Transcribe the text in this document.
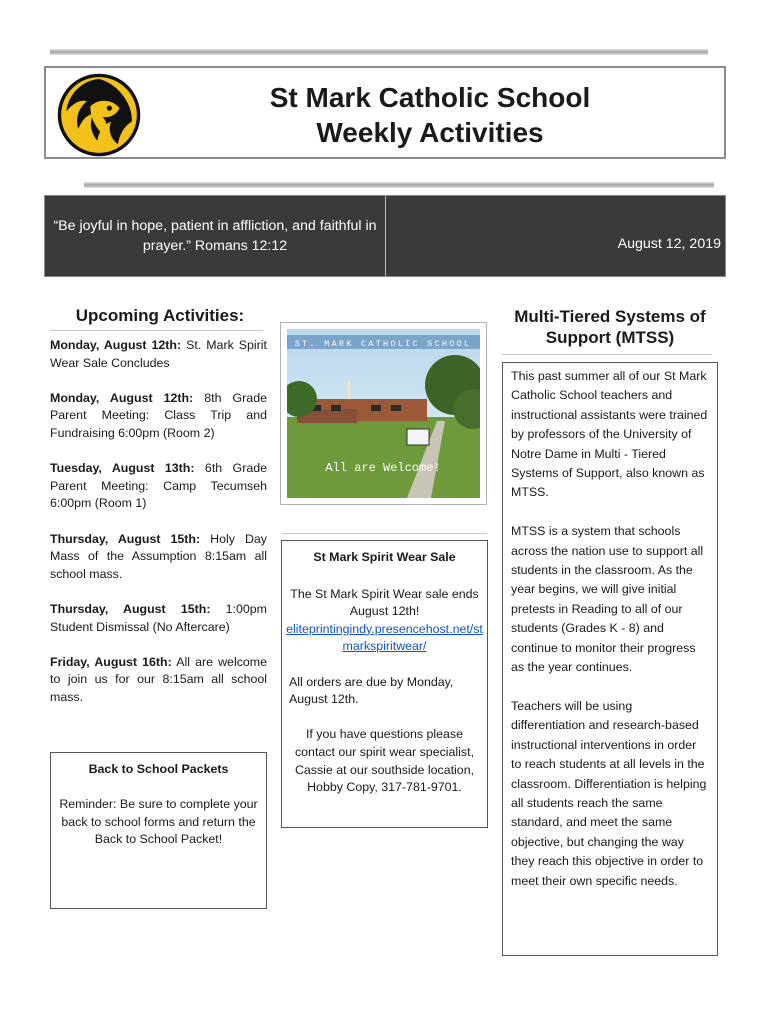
St Mark Catholic School
Weekly Activities
“Be joyful in hope, patient in affliction, and faithful in prayer.” Romans 12:12	August 12, 2019
Upcoming Activities:
Monday, August 12th: St. Mark Spirit Wear Sale Concludes
Monday, August 12th: 8th Grade Parent Meeting: Class Trip and Fundraising 6:00pm (Room 2)
Tuesday, August 13th: 6th Grade Parent Meeting: Camp Tecumseh 6:00pm (Room 1)
Thursday, August 15th: Holy Day Mass of the Assumption 8:15am all school mass.
Thursday, August 15th: 1:00pm Student Dismissal (No Aftercare)
Friday, August 16th: All are welcome to join us for our 8:15am all school mass.
Back to School Packets
Reminder: Be sure to complete your back to school forms and return the Back to School Packet!
ST. MARK CATHOLIC SCHOOL
All are Welcome!
St Mark Spirit Wear Sale
The St Mark Spirit Wear sale ends August 12th!
eliteprintingindy.presencehost.net/stmarkspiritwear/
All orders are due by Monday, August 12th.
If you have questions please contact our spirit wear specialist, Cassie at our southside location, Hobby Copy, 317-781-9701.
Multi-Tiered Systems of Support (MTSS)

This past summer all of our St Mark Catholic School teachers and instructional assistants were trained by professors of the University of Notre Dame in Multi - Tiered Systems of Support, also known as MTSS.

MTSS is a system that schools across the nation use to support all students in the classroom. As the year begins, we will give initial pretests in Reading to all of our students (Grades K - 8) and continue to monitor their progress as the year continues.

Teachers will be using differentiation and research-based instructional interventions in order to reach students at all levels in the classroom. Differentiation is helping all students reach the same standard, and meet the same objective, but changing the way they reach this objective in order to meet their own specific needs.
